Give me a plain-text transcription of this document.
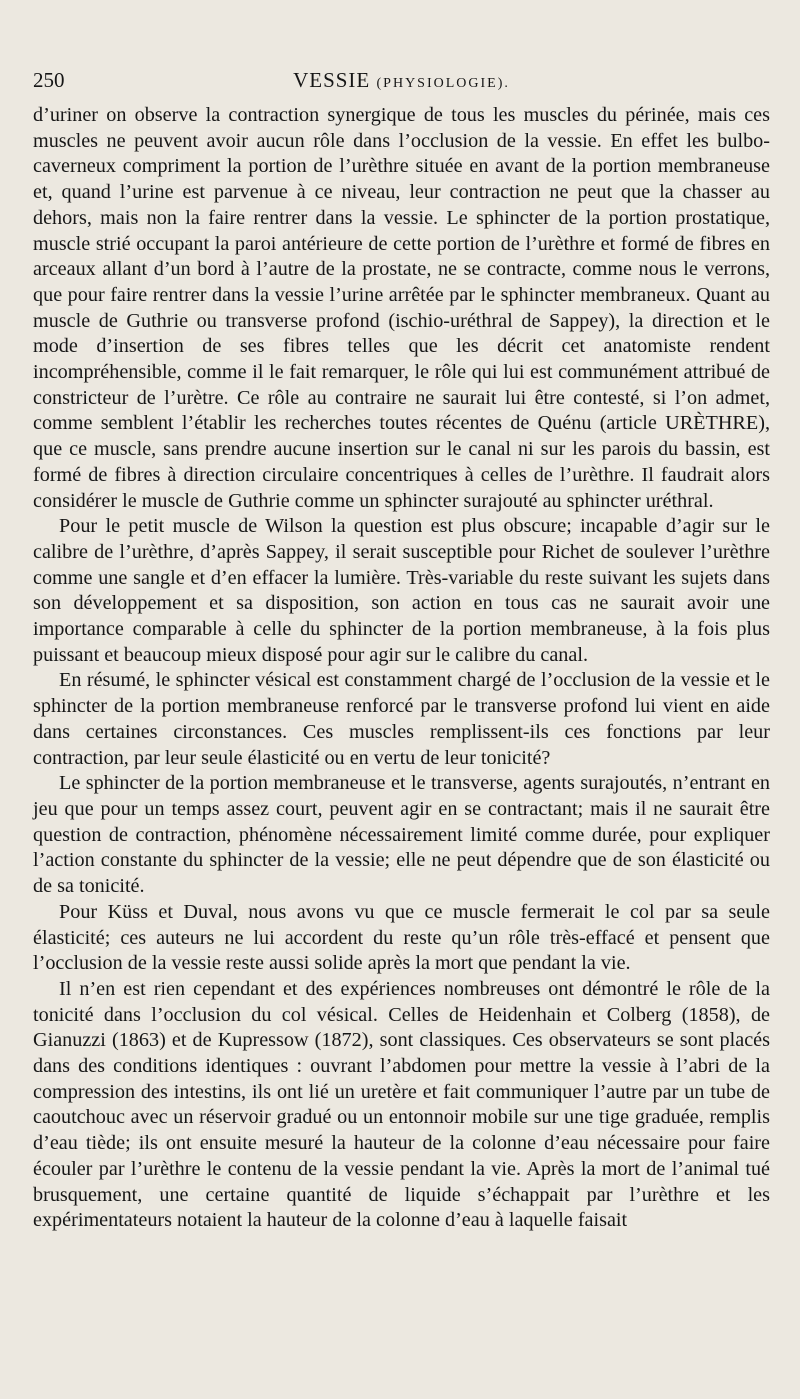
250	VESSIE (PHYSIOLOGIE).

d’uriner on observe la contraction synergique de tous les muscles du périnée, mais ces muscles ne peuvent avoir aucun rôle dans l’occlusion de la vessie. En effet les bulbo-caverneux compriment la portion de l’urèthre située en avant de la portion membraneuse et, quand l’urine est parvenue à ce niveau, leur contraction ne peut que la chasser au dehors, mais non la faire rentrer dans la vessie. Le sphincter de la portion prostatique, muscle strié occupant la paroi antérieure de cette portion de l’urèthre et formé de fibres en arceaux allant d’un bord à l’autre de la prostate, ne se contracte, comme nous le verrons, que pour faire rentrer dans la vessie l’urine arrêtée par le sphincter membraneux. Quant au muscle de Guthrie ou transverse profond (ischio-uréthral de Sappey), la direction et le mode d’insertion de ses fibres telles que les décrit cet anatomiste rendent incompréhensible, comme il le fait remarquer, le rôle qui lui est communément attribué de constricteur de l’urètre. Ce rôle au contraire ne saurait lui être contesté, si l’on admet, comme semblent l’établir les recherches toutes récentes de Quénu (article URÈTHRE), que ce muscle, sans prendre aucune insertion sur le canal ni sur les parois du bassin, est formé de fibres à direction circulaire concentriques à celles de l’urèthre. Il faudrait alors considérer le muscle de Guthrie comme un sphincter surajouté au sphincter uréthral.

Pour le petit muscle de Wilson la question est plus obscure; incapable d’agir sur le calibre de l’urèthre, d’après Sappey, il serait susceptible pour Richet de soulever l’urèthre comme une sangle et d’en effacer la lumière. Très-variable du reste suivant les sujets dans son développement et sa disposition, son action en tous cas ne saurait avoir une importance comparable à celle du sphincter de la portion membraneuse, à la fois plus puissant et beaucoup mieux disposé pour agir sur le calibre du canal.

En résumé, le sphincter vésical est constamment chargé de l’occlusion de la vessie et le sphincter de la portion membraneuse renforcé par le transverse profond lui vient en aide dans certaines circonstances. Ces muscles remplissent-ils ces fonctions par leur contraction, par leur seule élasticité ou en vertu de leur tonicité?

Le sphincter de la portion membraneuse et le transverse, agents surajoutés, n’entrant en jeu que pour un temps assez court, peuvent agir en se contractant; mais il ne saurait être question de contraction, phénomène nécessairement limité comme durée, pour expliquer l’action constante du sphincter de la vessie; elle ne peut dépendre que de son élasticité ou de sa tonicité.

Pour Küss et Duval, nous avons vu que ce muscle fermerait le col par sa seule élasticité; ces auteurs ne lui accordent du reste qu’un rôle très-effacé et pensent que l’occlusion de la vessie reste aussi solide après la mort que pendant la vie.

Il n’en est rien cependant et des expériences nombreuses ont démontré le rôle de la tonicité dans l’occlusion du col vésical. Celles de Heidenhain et Colberg (1858), de Gianuzzi (1863) et de Kupressow (1872), sont classiques. Ces observateurs se sont placés dans des conditions identiques : ouvrant l’abdomen pour mettre la vessie à l’abri de la compression des intestins, ils ont lié un uretère et fait communiquer l’autre par un tube de caoutchouc avec un réservoir gradué ou un entonnoir mobile sur une tige graduée, remplis d’eau tiède; ils ont ensuite mesuré la hauteur de la colonne d’eau nécessaire pour faire écouler par l’urèthre le contenu de la vessie pendant la vie. Après la mort de l’animal tué brusquement, une certaine quantité de liquide s’échappait par l’urèthre et les expérimentateurs notaient la hauteur de la colonne d’eau à laquelle faisait
